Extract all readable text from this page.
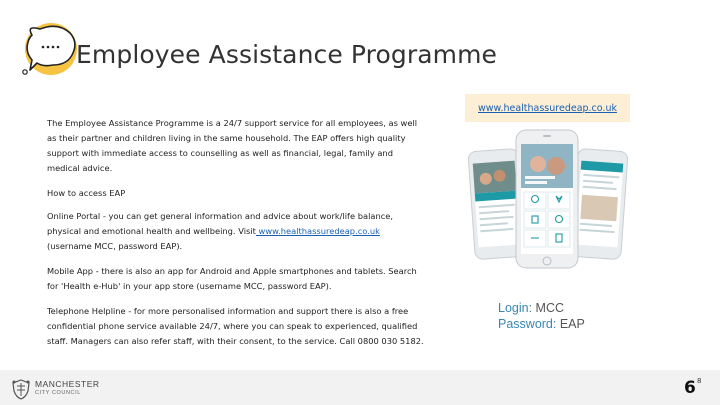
Employee Assistance Programme

The Employee Assistance Programme is a 24/7 support service for all employees, as well as their partner and children living in the same household. The EAP offers high quality support with immediate access to counselling as well as financial, legal, family and medical advice.

How to access EAP

Online Portal - you can get general information and advice about work/life balance, physical and emotional health and wellbeing. Visit www.healthassuredeap.co.uk
(username MCC, password EAP).

Mobile App - there is also an app for Android and Apple smartphones and tablets. Search for 'Health e-Hub' in your app store (username MCC, password EAP).

Telephone Helpline - for more personalised information and support there is also a free confidential phone service available 24/7, where you can speak to experienced, qualified staff. Managers can also refer staff, with their consent, to the service. Call 0800 030 5182.

www.healthassuredeap.co.uk
Login: MCC
Password: EAP
MANCHESTER
CITY COUNCIL	6 8
